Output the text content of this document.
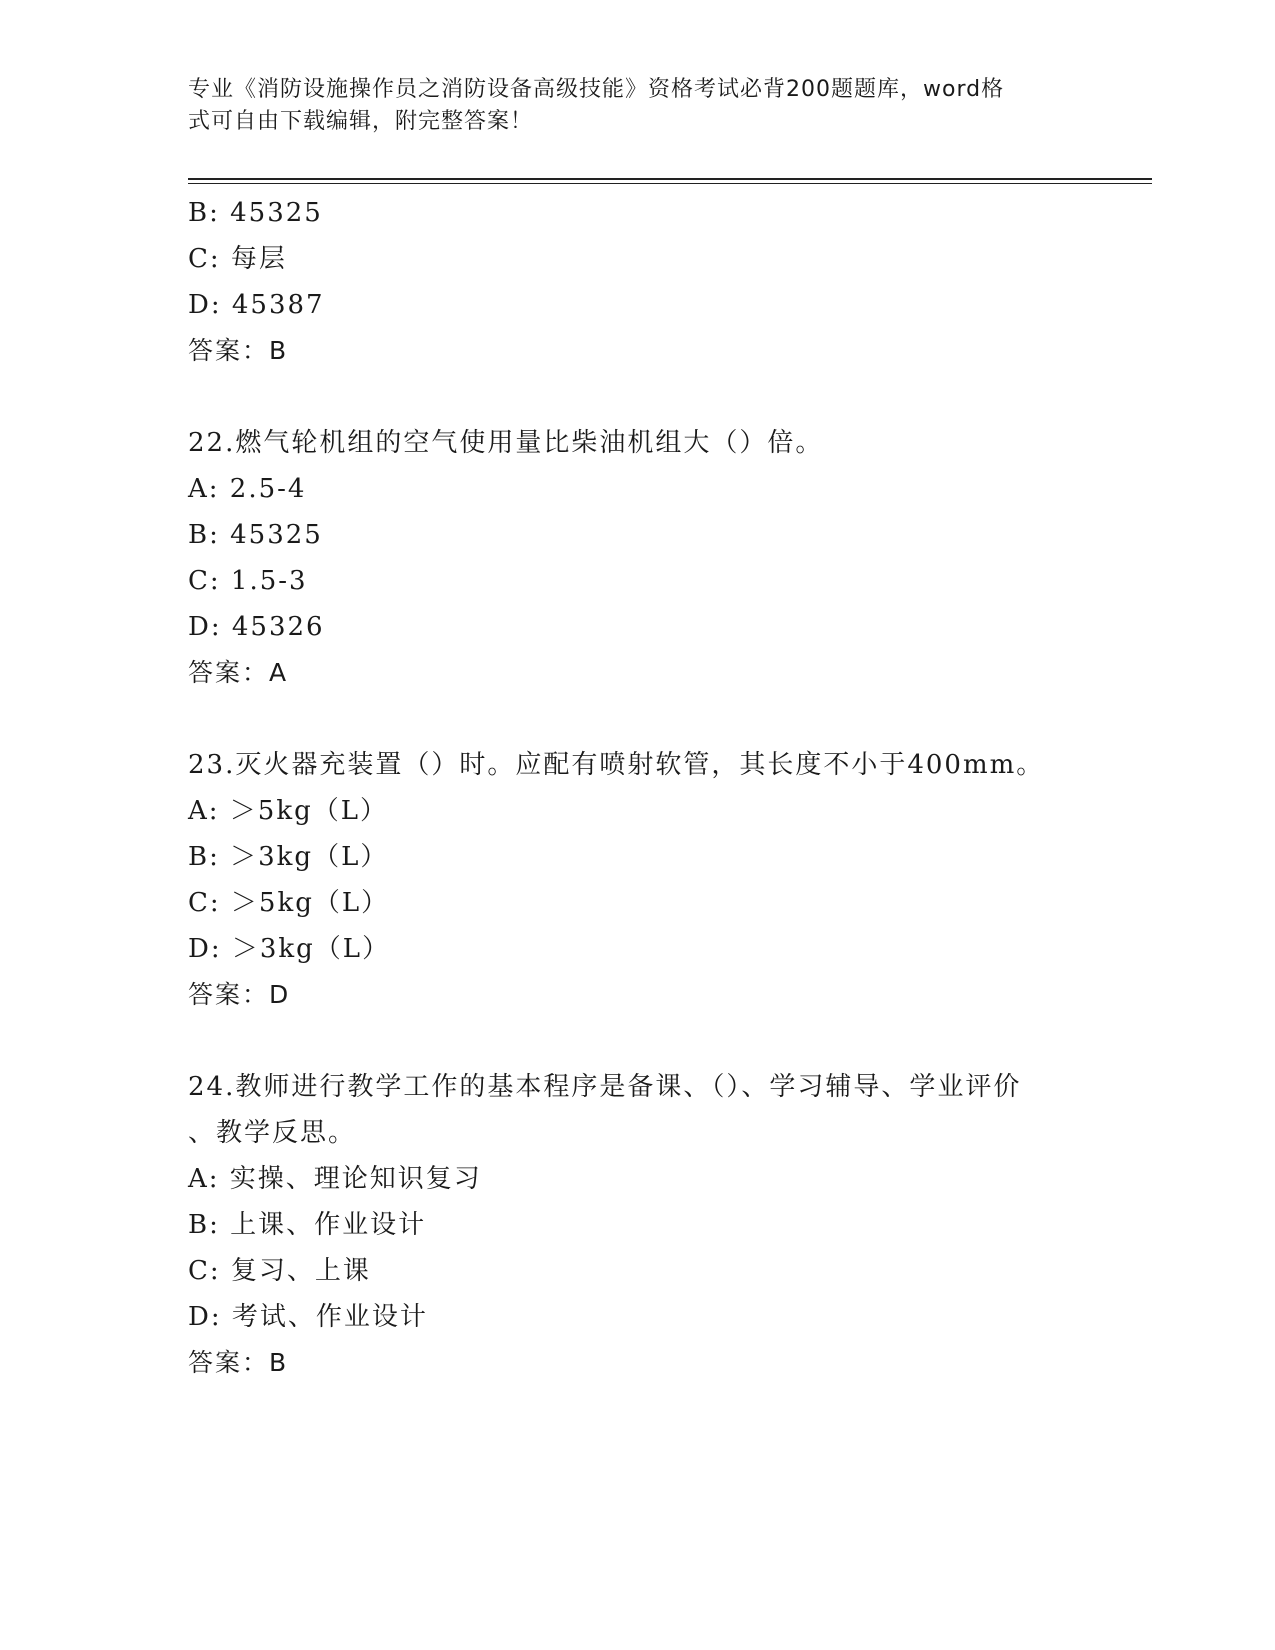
专业《消防设施操作员之消防设备高级技能》资格考试必背200题题库，word格
式可自由下载编辑，附完整答案！
B: 45325
C: 每层
D: 45387
答案：B
22.燃气轮机组的空气使用量比柴油机组大（）倍。
A: 2.5-4
B: 45325
C: 1.5-3
D: 45326
答案：A
23.灭火器充装置（）时。应配有喷射软管，其长度不小于400mm。
A: ＞5kg（L）
B: ＞3kg（L）
C: ＞5kg（L）
D: ＞3kg（L）
答案：D
24.教师进行教学工作的基本程序是备课、（）、学习辅导、学业评价
、教学反思。
A: 实操、理论知识复习
B: 上课、作业设计
C: 复习、上课
D: 考试、作业设计
答案：B
